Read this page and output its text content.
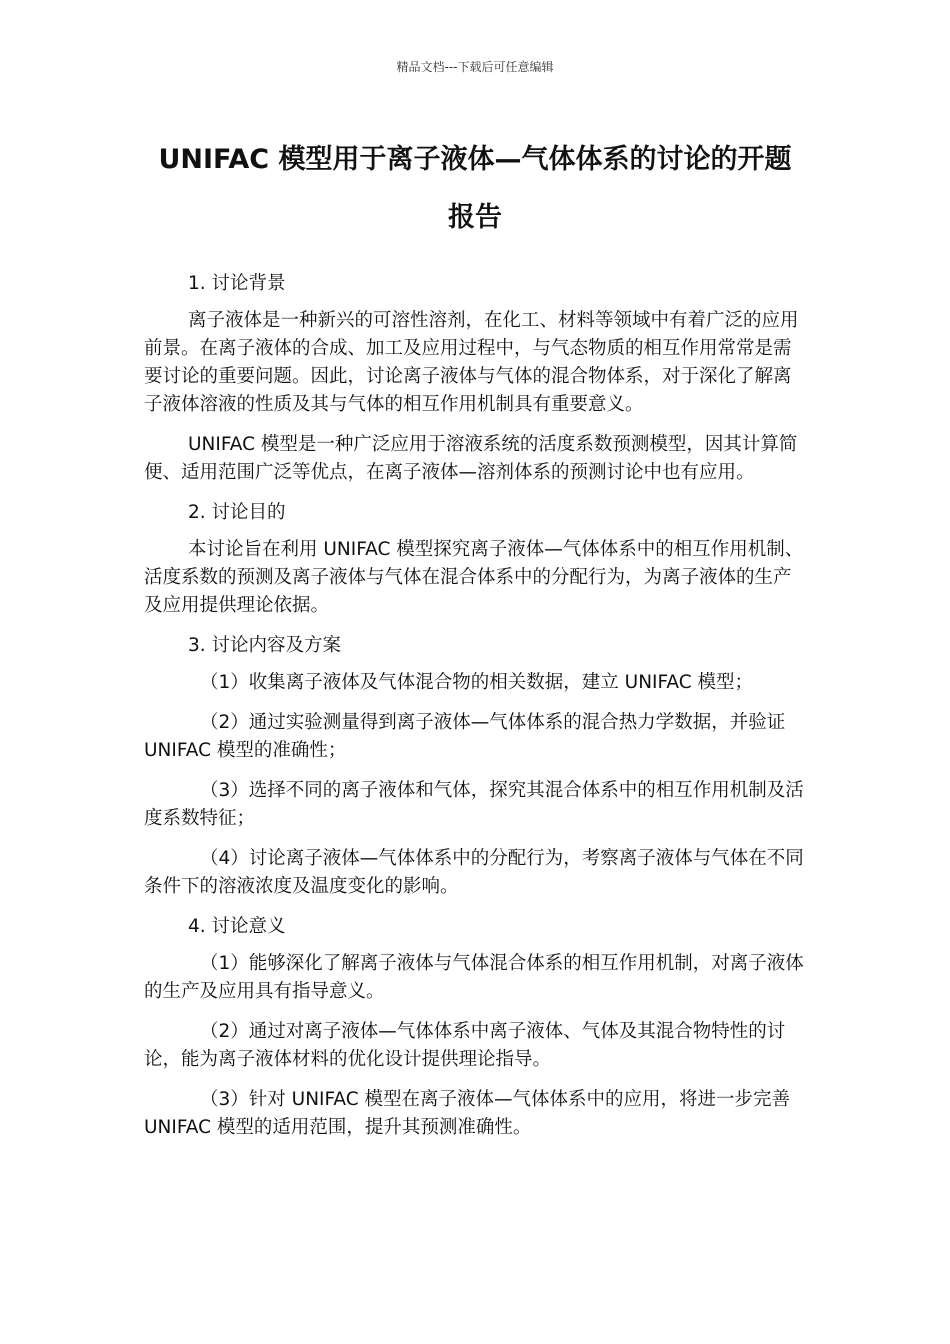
精品文档---下载后可任意编辑
UNIFAC 模型用于离子液体—气体体系的讨论的开题
报告

1. 讨论背景

离子液体是一种新兴的可溶性溶剂，在化工、材料等领域中有着广泛的应用前景。在离子液体的合成、加工及应用过程中，与气态物质的相互作用常常是需要讨论的重要问题。因此，讨论离子液体与气体的混合物体系，对于深化了解离子液体溶液的性质及其与气体的相互作用机制具有重要意义。

UNIFAC 模型是一种广泛应用于溶液系统的活度系数预测模型，因其计算简便、适用范围广泛等优点，在离子液体—溶剂体系的预测讨论中也有应用。

2. 讨论目的

本讨论旨在利用 UNIFAC 模型探究离子液体—气体体系中的相互作用机制、活度系数的预测及离子液体与气体在混合体系中的分配行为，为离子液体的生产及应用提供理论依据。

3. 讨论内容及方案

（1）收集离子液体及气体混合物的相关数据，建立 UNIFAC 模型；

（2）通过实验测量得到离子液体—气体体系的混合热力学数据，并验证 UNIFAC 模型的准确性；

（3）选择不同的离子液体和气体，探究其混合体系中的相互作用机制及活度系数特征；

（4）讨论离子液体—气体体系中的分配行为，考察离子液体与气体在不同条件下的溶液浓度及温度变化的影响。

4. 讨论意义

（1）能够深化了解离子液体与气体混合体系的相互作用机制，对离子液体的生产及应用具有指导意义。

（2）通过对离子液体—气体体系中离子液体、气体及其混合物特性的讨论，能为离子液体材料的优化设计提供理论指导。

（3）针对 UNIFAC 模型在离子液体—气体体系中的应用，将进一步完善 UNIFAC 模型的适用范围，提升其预测准确性。
